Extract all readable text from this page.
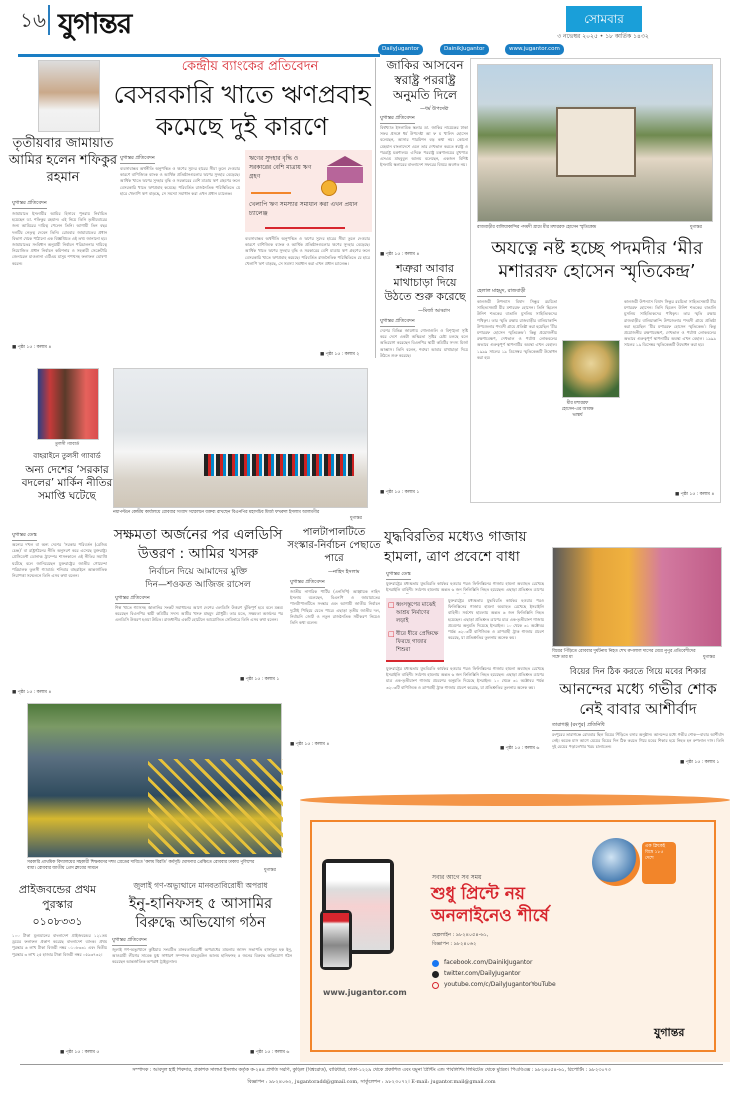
১৬ যুগান্তর	সোমবার
৩ নভেম্বর ২০২৫ • ১৮ কার্তিক ১৪৩২
DailyJugantor	DainikJugantor	www.jugantor.com
তৃতীয়বার জামায়াত আমির হলেন শফিকুর রহমান
যুগান্তর প্রতিবেদন
জামায়াতে ইসলামীর আমির হিসাবে পুনরায় নির্বাচিত হয়েছেন ডা. শফিকুর রহমান। এই নিয়ে তিনি তৃতীয়বারের জন্য আমিরের দায়িত্ব পেলেন তিনি। আগামী তিন বছর দলটির নেতৃত্ব দেবেন তিনি। রোববার জামায়াতের প্রধান বিভাগ থেকে পাঠানো এক বিজ্ঞপ্তিতে এই তথ্য জানানো হয়। জামায়াতের সংবিধান অনুযায়ী নির্বাচন পরিচালনার দায়িত্বে নিয়োজিত প্রধান নির্বাচন কমিশনার ও সহকারী সেক্রেটারি জেনারেল মাওলানা এটিএম মাসুম শপথসহ ফলাফল ঘোষণা করেন।
■ পৃষ্ঠা ১৫ : কলাম ৪
কেন্দ্রীয় ব্যাংকের প্রতিবেদন
বেসরকারি খাতে ঋণপ্রবাহ
কমেছে দুই কারণে
যুগান্তর প্রতিবেদন
ব্যবসাবান্ধব অর্থনীতি অনুপস্থিত ও ঋণের সুদের হারের সীমা তুলে দেওয়ার কারণে বাণিজ্যিক ব্যাংক ও আর্থিক প্রতিষ্ঠানগুলোর ঋণের সুদহার বেড়েছে। আর্থিক খাতে ঋণের সুদহার বৃদ্ধি ও সরকারের বেশি মাত্রায় ঋণ গ্রহণের ফলে বেসরকারি খাতে ঋণপ্রবাহ কমেছে। পরিবর্তিত রাজনৈতিক পরিস্থিতিতে যে হারে খেলাপি ঋণ বাড়ছে, সে সমস্যা সমাধান করা এখন প্রধান চ্যালেঞ্জ।
ব্যবসাবান্ধব অর্থনীতি অনুপস্থিত ও ঋণের সুদের হারের সীমা তুলে দেওয়ার কারণে বাণিজ্যিক ব্যাংক ও আর্থিক প্রতিষ্ঠানগুলোর ঋণের সুদহার বেড়েছে। আর্থিক খাতে ঋণের সুদহার বৃদ্ধি ও সরকারের বেশি মাত্রায় ঋণ গ্রহণের ফলে বেসরকারি খাতে ঋণপ্রবাহ কমেছে। পরিবর্তিত রাজনৈতিক পরিস্থিতিতে যে হারে খেলাপি ঋণ বাড়ছে, সে সমস্যা সমাধান করা এখন প্রধান চ্যালেঞ্জ।
ঋণের সুদহার বৃদ্ধি ও সরকারের বেশি মাত্রায় ঋণ গ্রহণ
খেলাপি ঋণ সমস্যার সমাধান করা এখন প্রধান চ্যালেঞ্জ
■ পৃষ্ঠা ১৫ : কলাম ২
জাকির আসবেন স্বরাষ্ট্র পররাষ্ট্র অনুমতি দিলে
—ধর্ম উপদেষ্টা
যুগান্তর প্রতিবেদন
বিশ্বখ্যাত ইসলামিক স্কলার ডা. জাকির নায়েকের ঢাকা সফর প্রসঙ্গে ধর্ম উপদেষ্টা আ ফ ম খালিদ হোসেন বলেছেন, আসার পারমিশন বড় কথা নয়। কোনো মেহমান বাংলাদেশে এলে তার দেখভাল করতে স্বরাষ্ট্র ও পররাষ্ট্র মন্ত্রণালয়। এদিকে পররাষ্ট্র মন্ত্রণালয়ের মুখপাত্র এসএম মাহবুবুল আলম বলেছেন, একজন বিশিষ্ট ইসলামি স্কলারের বাংলাদেশ সফরের বিষয়ে অবগত নয়।
■ পৃষ্ঠা ১৫ : কলাম ৪
শত্রুরা আবার মাথাচাড়া দিয়ে উঠতে শুরু করেছে
—মির্জা আব্বাস
যুগান্তর প্রতিবেদন
দেশের বিভিন্ন জায়গায় গোলাগুলি ও বিশৃঙ্খলা সৃষ্টি করে দেশে একটা অস্থিরতা সৃষ্টির চেষ্টা চলছে বলে অভিযোগ করেছেন বিএনপির স্থায়ী কমিটির সদস্য মির্জা আব্বাস। তিনি বলেন, শত্রুরা আবার মাথাচাড়া দিয়ে উঠতে শুরু করেছে।
■ পৃষ্ঠা ১৫ : কলাম ১
রাজবাড়ীর বালিয়াকান্দির পদমদী গ্রামে মীর মশাররফ হোসেন স্মৃতিকেন্দ্র	যুগান্তর
অযত্নে নষ্ট হচ্ছে পদমদীর ‘মীর
মশাররফ হোসেন স্মৃতিকেন্দ্র’
হেলাল মাহমুদ, রাজবাড়ী
কালজয়ী উপন্যাস বিষাদ সিন্ধুর রচয়িতা সাহিত্যসম্রাট মীর মশাররফ হোসেন। তিনি ছিলেন উনিশ শতকের বাঙালি মুসলিম সাহিত্যিকদের পথিকৃৎ। তার স্মৃতি রক্ষায় রাজবাড়ীর বালিয়াকান্দি উপজেলার পদমদী গ্রামে প্রতিষ্ঠা করা হয়েছিল ‘মীর মশাররফ হোসেন স্মৃতিকেন্দ্র’। কিন্তু প্রয়োজনীয় রক্ষণাবেক্ষণ, দেখভাল ও পর্যাপ্ত লোকবলের অভাবে গুরুত্বপূর্ণ স্থাপনাটির অবস্থা এখন বেহাল। ১৯৯৯ সালের ১৯ ডিসেম্বর স্মৃতিকেন্দ্রটি উদ্বোধন করা হয়।
মীর মশাররফ হোসেন-এর আবক্ষ ভাস্কর্য
কালজয়ী উপন্যাস বিষাদ সিন্ধুর রচয়িতা সাহিত্যসম্রাট মীর মশাররফ হোসেন। তিনি ছিলেন উনিশ শতকের বাঙালি মুসলিম সাহিত্যিকদের পথিকৃৎ। তার স্মৃতি রক্ষায় রাজবাড়ীর বালিয়াকান্দি উপজেলার পদমদী গ্রামে প্রতিষ্ঠা করা হয়েছিল ‘মীর মশাররফ হোসেন স্মৃতিকেন্দ্র’। কিন্তু প্রয়োজনীয় রক্ষণাবেক্ষণ, দেখভাল ও পর্যাপ্ত লোকবলের অভাবে গুরুত্বপূর্ণ স্থাপনাটির অবস্থা এখন বেহাল। ১৯৯৯ সালের ১৯ ডিসেম্বর স্মৃতিকেন্দ্রটি উদ্বোধন করা হয়।
■ পৃষ্ঠা ১৫ : কলাম ৪
তুলসী গ্যাবার্ড
বাহরাইনে তুলসী গ্যাবার্ড
অন্য দেশের ‘সরকার বদলের’ মার্কিন নীতির সমাপ্তি ঘটেছে
যুগান্তর ডেস্ক
অন্যের দখল বা অন্য দেশের ‘সরকার পরিবর্তন (রেজিম চেঞ্জ)’ বা রাষ্ট্রগঠনের নীতি অনুসরণ করে এসেছে যুক্তরাষ্ট্র। প্রেসিডেন্ট ডোনাল্ড ট্রাম্পের শাসনকালে এই নীতির সমাপ্তি ঘটেছে বলে জানিয়েছেন যুক্তরাষ্ট্রের জাতীয় গোয়েন্দা পরিচালক তুলসী গ্যাবার্ড। শনিবার বাহরাইনে আন্তর্জাতিক নিরাপত্তা সম্মেলনে তিনি এসব কথা বলেন।
■ পৃষ্ঠা ১৫ : কলাম ৪
নয়াপল্টনে কেন্দ্রীয় কার্যালয়ে রোববার সংবাদ সম্মেলনে বক্তব্য রাখছেন বিএনপির মহাসচিব মির্জা ফখরুল ইসলাম আলমগীর
যুগান্তর
সক্ষমতা অর্জনের পর এলডিসি
উত্তরণ : আমির খসরু
নির্বাচন দিয়ে আমাদের মুক্তি
দিন—শওকত আজিজ রাসেল
যুগান্তর প্রতিবেদন
শিল্প খাতে গ্যাসসহ জ্বালানির সংকট সমাধানের আগে দেশের এলডিসি উত্তরণ ঝুঁকিপূর্ণ হবে বলে মন্তব্য করেছেন বিএনপির স্থায়ী কমিটির সদস্য আমীর খসরু মাহমুদ চৌধুরী। তার মতে, সক্ষমতা অর্জনের পর এলডিসি উত্তরণ হওয়া উচিত। রাজধানীর একটি হোটেলে আয়োজিত সেমিনারে তিনি এসব কথা বলেন।
■ পৃষ্ঠা ১৫ : কলাম ১
পালটাপালটিতে সংস্কার-নির্বাচন পেছাতে পারে
—নাহিদ ইসলাম
যুগান্তর প্রতিবেদন
জাতীয় নাগরিক পার্টির (এনসিপি) আহ্বায়ক নাহিদ ইসলাম বলেছেন, বিএনপি ও জামায়াতের পালটাপালটিতে সংস্কার এবং আগামী জাতীয় নির্বাচন দুটোই পিছিয়ে যেতে পারে। এছাড়া তৃতীয় জাতীয় দল, নির্বাচনি জোট ও নতুন রাজনৈতিক সমীকরণ নিয়েও তিনি কথা বলেন।
■ পৃষ্ঠা ১৫ : কলাম ৪
যুদ্ধবিরতির মধ্যেও গাজায়
হামলা, ত্রাণ প্রবেশে বাধা
যুগান্তর ডেস্ক
যুক্তরাষ্ট্রের মধ্যস্থতায় যুদ্ধবিরতি কার্যকর হওয়ার পরও ফিলিস্তিনের গাজায় হামলা অব্যাহত রেখেছে ইসরাইলি বাহিনী। সর্বশেষ হামলায় অন্তত ৬ জন ফিলিস্তিনি নিহত হয়েছেন। এছাড়া প্রতিশ্রুত ত্রাণের
□ ধ্বংসস্তূপের মাঝেই আশ্রয় নির্মাণের লড়াই
□ ধীরে ধীরে প্রেক্ষিক্ষে ফিরছে গাজার শিশুরা
যুক্তরাষ্ট্রের মধ্যস্থতায় যুদ্ধবিরতি কার্যকর হওয়ার পরও ফিলিস্তিনের গাজায় হামলা অব্যাহত রেখেছে ইসরাইলি বাহিনী। সর্বশেষ হামলায় অন্তত ৬ জন ফিলিস্তিনি নিহত হয়েছেন। এছাড়া প্রতিশ্রুত ত্রাণের মাত্র এক-তৃতীয়াংশ গাজায় প্রবেশের অনুমতি দিয়েছে ইসরাইল। ১০ থেকে ৩১ অক্টোবর পর্যন্ত ৩২০৩টি বাণিজ্যিক ও ত্রাণবাহী ট্রাক গাজায় প্রবেশ করেছে, যা প্রতিশ্রুতির তুলনায় অনেক কম।
যুক্তরাষ্ট্রের মধ্যস্থতায় যুদ্ধবিরতি কার্যকর হওয়ার পরও ফিলিস্তিনের গাজায় হামলা অব্যাহত রেখেছে ইসরাইলি বাহিনী। সর্বশেষ হামলায় অন্তত ৬ জন ফিলিস্তিনি নিহত হয়েছেন। এছাড়া প্রতিশ্রুত ত্রাণের মাত্র এক-তৃতীয়াংশ গাজায় প্রবেশের অনুমতি দিয়েছে ইসরাইল। ১০ থেকে ৩১ অক্টোবর পর্যন্ত ৩২০৩টি বাণিজ্যিক ও ত্রাণবাহী ট্রাক গাজায় প্রবেশ করেছে, যা প্রতিশ্রুতির তুলনায় অনেক কম।
■ পৃষ্ঠা ১৫ : কলাম ৬
বিয়ের পিঁড়িতে রোববার দুর্ঘটনায় নিহত শেখ রুপলাল দাসের মেয়ে নুপুর প্রতিবেশীদের সঙ্গে তার মা	যুগান্তর
বিয়ের দিন ঠিক করতে গিয়ে মবের শিকার
আনন্দের মধ্যে গভীর শোক
নেই বাবার আশীর্বাদ
তারাগঞ্জ (রংপুর) প্রতিনিধি
রংপুরের তারাগঞ্জে রোববার ছিল বিয়ের পিঁড়িতে বসার অনুষ্ঠান। আনন্দের মধ্যে গভীর শোক—বাবার আশীর্বাদ নেই। কয়েক মাস আগে মেয়ের বিয়ের দিন ঠিক করতে গিয়ে মবের শিকার হয়ে নিহত হন রুপলাল দাস। তিনি দুই মেয়ের পড়ালেখার খরচ চালাতেন।
■ পৃষ্ঠা ১৫ : কলাম ১
সরকারি প্রাথমিক বিদ্যালয়ের সহকারী শিক্ষকদের দশম গ্রেডের দাবিতে ‘কলম বিরতি’ কর্মসূচি ঘোষণার প্রেক্ষিতে রোববার ঢাকায় পুলিশের বাধা। রোববার জাতীয় প্রেস ক্লাবের সামনে	যুগান্তর
প্রাইজবন্ডের প্রথম পুরস্কার
০১০৮৩৩১
১০০ টাকা মূল্যমানের বাংলাদেশ প্রাইজবন্ডের ১২১তম ড্রয়ের ফলাফল প্রকাশ করেছে বাংলাদেশ ব্যাংক। প্রথম পুরস্কার ৬ লাখ টাকা বিজয়ী নম্বর ০১০৮৩৩১ এবং দ্বিতীয় পুরস্কার ৩ লাখ ২৫ হাজার টাকা বিজয়ী নম্বর ০৫৯৩৭৩২।
■ পৃষ্ঠা ১৫ : কলাম ৫
জুলাই গণ-অভ্যুত্থানে মানবতাবিরোধী অপরাধ
ইনু-হানিফসহ ৫ আসামির
বিরুদ্ধে অভিযোগ গঠন
যুগান্তর প্রতিবেদন
জুলাই গণ-অভ্যুত্থানে কুষ্টিয়ায় সংঘটিত মানবতাবিরোধী অপরাধের মামলায় জাসদ সভাপতি হাসানুল হক ইনু, আওয়ামী লীগের সাবেক যুগ্ম সাধারণ সম্পাদক মাহবুবউল আলম হানিফসহ ৫ জনের বিরুদ্ধে অভিযোগ গঠন করেছেন আন্তর্জাতিক অপরাধ ট্রাইব্যুনাল।
■ পৃষ্ঠা ১৫ : কলাম ৬
www.jugantor.com
সবার আগে সব সময়
শুধু প্রিন্টে নয়
অনলাইনেও শীর্ষে
হেল্পলাইন : ৯৮২৪০৫৪-৬১,
বিজ্ঞাপন : ৯৮২৪০৬২
facebook.com/DainikJugantor
twitter.com/DailyJugantor
youtube.com/c/DailyJugantorYouTube
এক ক্লিকেই বিশ্বে ১৮৫ দেশে
যুগান্তর
সম্পাদক : আবদুল হাই শিকদার, প্রকাশক সালমা ইসলাম কর্তৃক ক-২৪৪ প্রগতি সরণি, কুড়িল (বিশ্বরোড), বারিধারা, ঢাকা-১২২৯ থেকে প্রকাশিত এবং যমুনা প্রিন্টিং এন্ড পাবলিশিং লিমিটেড থেকে মুদ্রিত। পিএবিএক্স : ৯৮২৪০৫৪-৬১, রিপোর্টিং : ৯৮২৩০৭৩
বিজ্ঞাপন : ৯৮২৪০৬২, jugantoradd@gmail.com, সার্কুলেশন : ৯৮২৩০৭২। E-mail: jugantor.mail@gmail.com
